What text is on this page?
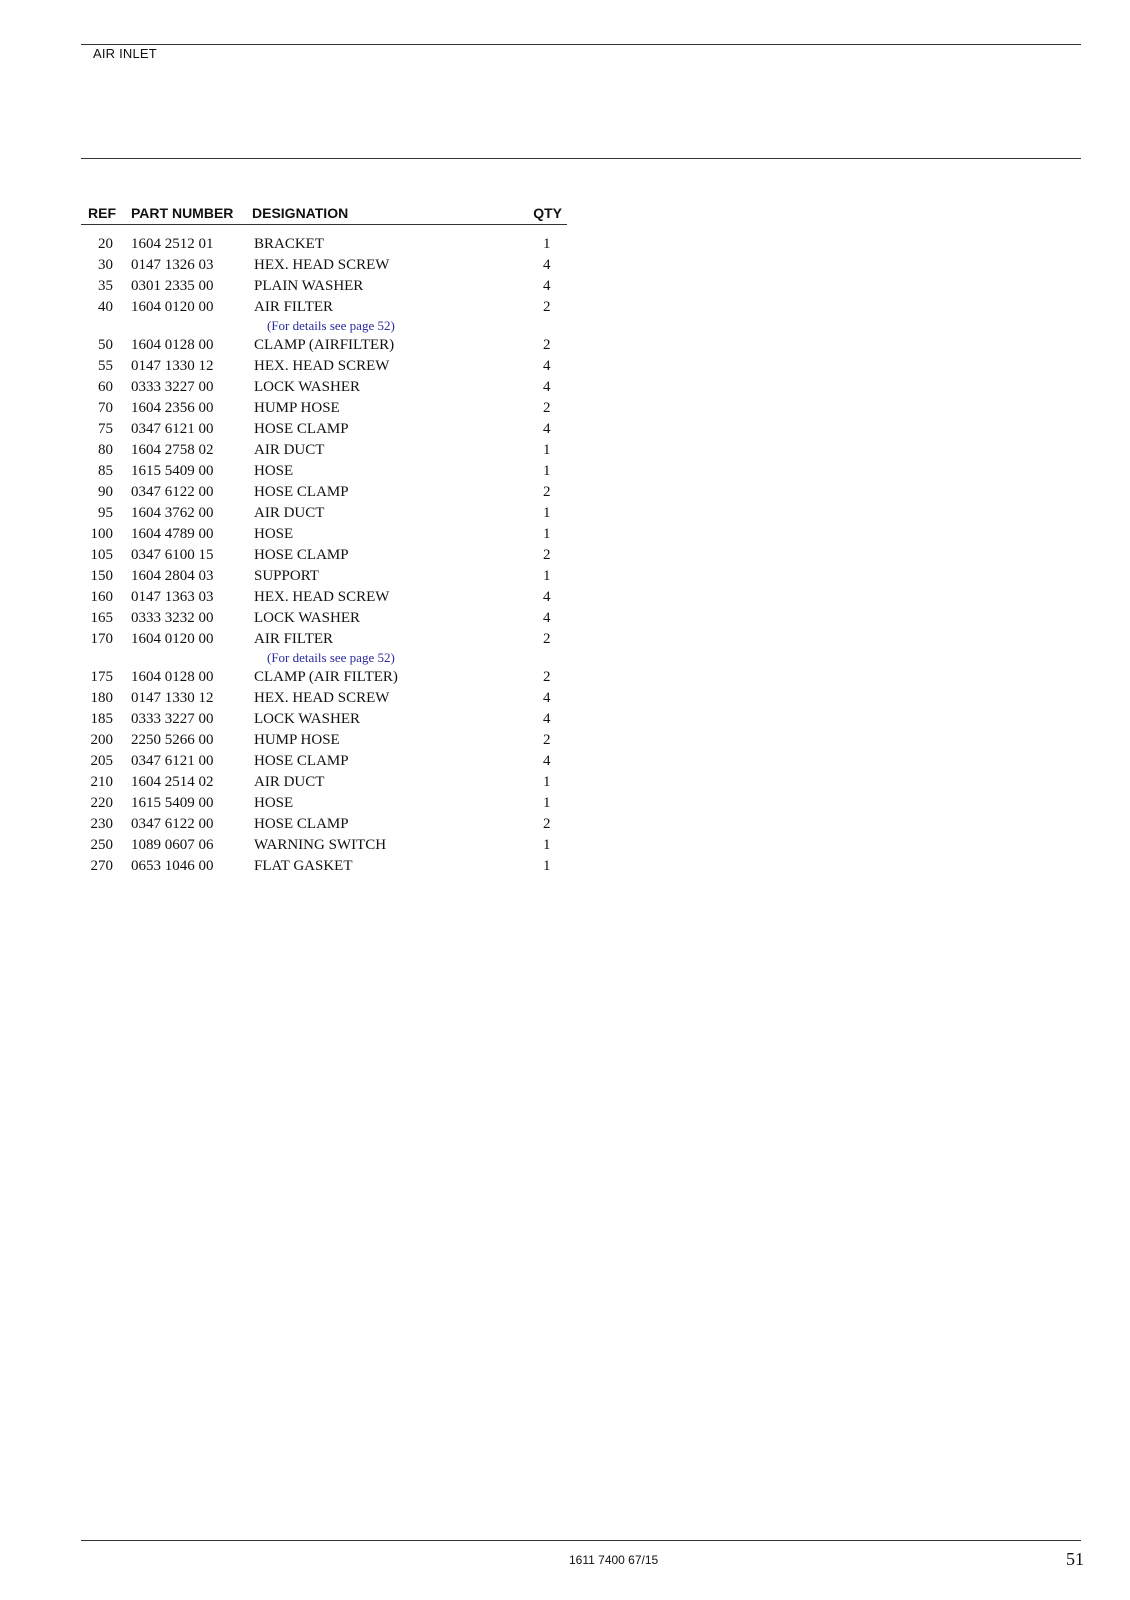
AIR INLET
REF PART NUMBER DESIGNATION	QTY
20 1604 2512 01	BRACKET	1
30 0147 1326 03	HEX. HEAD SCREW	4
35 0301 2335 00	PLAIN WASHER	4
40 1604 0120 00	AIR FILTER	2
(For details see page 52)
50 1604 0128 00	CLAMP (AIRFILTER)	2
55 0147 1330 12	HEX. HEAD SCREW	4
60 0333 3227 00	LOCK WASHER	4
70 1604 2356 00	HUMP HOSE	2
75 0347 6121 00	HOSE CLAMP	4
80 1604 2758 02	AIR DUCT	1
85 1615 5409 00	HOSE	1
90 0347 6122 00	HOSE CLAMP	2
95 1604 3762 00	AIR DUCT	1
100 1604 4789 00	HOSE	1
105 0347 6100 15	HOSE CLAMP	2
150 1604 2804 03	SUPPORT	1
160 0147 1363 03	HEX. HEAD SCREW	4
165 0333 3232 00	LOCK WASHER	4
170 1604 0120 00	AIR FILTER	2
(For details see page 52)
175 1604 0128 00	CLAMP (AIR FILTER)	2
180 0147 1330 12	HEX. HEAD SCREW	4
185 0333 3227 00	LOCK WASHER	4
200 2250 5266 00	HUMP HOSE	2
205 0347 6121 00	HOSE CLAMP	4
210 1604 2514 02	AIR DUCT	1
220 1615 5409 00	HOSE	1
230 0347 6122 00	HOSE CLAMP	2
250 1089 0607 06	WARNING SWITCH	1
270 0653 1046 00	FLAT GASKET	1
1611 7400 67/15	51
